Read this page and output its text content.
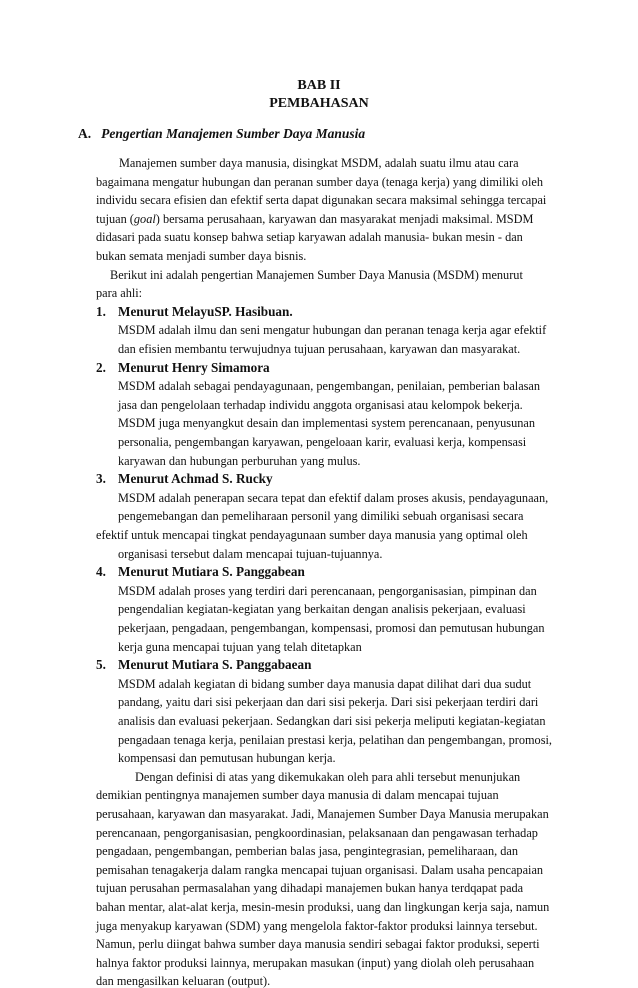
BAB II
PEMBAHASAN
A. Pengertian Manajemen Sumber Daya Manusia
Manajemen sumber daya manusia, disingkat MSDM, adalah suatu ilmu atau cara
bagaimana mengatur hubungan dan peranan sumber daya (tenaga kerja) yang dimiliki oleh
individu secara efisien dan efektif serta dapat digunakan secara maksimal sehingga tercapai
tujuan (goal) bersama perusahaan, karyawan dan masyarakat menjadi maksimal. MSDM
didasari pada suatu konsep bahwa setiap karyawan adalah manusia- bukan mesin - dan
bukan semata menjadi sumber daya bisnis.
Berikut ini adalah pengertian Manajemen Sumber Daya Manusia (MSDM) menurut
para ahli:
1. Menurut MelayuSP. Hasibuan.
MSDM adalah ilmu dan seni mengatur hubungan dan peranan tenaga kerja agar efektif
dan efisien membantu terwujudnya tujuan perusahaan, karyawan dan masyarakat.
2. Menurut Henry Simamora
MSDM adalah sebagai pendayagunaan, pengembangan, penilaian, pemberian balasan
jasa dan pengelolaan terhadap individu anggota organisasi atau kelompok bekerja.
MSDM juga menyangkut desain dan implementasi system perencanaan, penyusunan
personalia, pengembangan karyawan, pengeloaan karir, evaluasi kerja, kompensasi
karyawan dan hubungan perburuhan yang mulus.
3. Menurut Achmad S. Rucky
MSDM adalah penerapan secara tepat dan efektif dalam proses akusis, pendayagunaan,
pengemebangan dan pemeliharaan personil yang dimiliki sebuah organisasi secara
efektif untuk mencapai tingkat pendayagunaan sumber daya manusia yang optimal oleh
organisasi tersebut dalam mencapai tujuan-tujuannya.
4. Menurut Mutiara S. Panggabean
MSDM adalah proses yang terdiri dari perencanaan, pengorganisasian, pimpinan dan
pengendalian kegiatan-kegiatan yang berkaitan dengan analisis pekerjaan, evaluasi
pekerjaan, pengadaan, pengembangan, kompensasi, promosi dan pemutusan hubungan
kerja guna mencapai tujuan yang telah ditetapkan
5. Menurut Mutiara S. Panggabaean
MSDM adalah kegiatan di bidang sumber daya manusia dapat dilihat dari dua sudut
pandang, yaitu dari sisi pekerjaan dan dari sisi pekerja. Dari sisi pekerjaan terdiri dari
analisis dan evaluasi pekerjaan. Sedangkan dari sisi pekerja meliputi kegiatan-kegiatan
pengadaan tenaga kerja, penilaian prestasi kerja, pelatihan dan pengembangan, promosi,
kompensasi dan pemutusan hubungan kerja.
Dengan definisi di atas yang dikemukakan oleh para ahli tersebut menunjukan
demikian pentingnya manajemen sumber daya manusia di dalam mencapai tujuan
perusahaan, karyawan dan masyarakat. Jadi, Manajemen Sumber Daya Manusia merupakan
perencanaan, pengorganisasian, pengkoordinasian, pelaksanaan dan pengawasan terhadap
pengadaan, pengembangan, pemberian balas jasa, pengintegrasian, pemeliharaan, dan
pemisahan tenagakerja dalam rangka mencapai tujuan organisasi. Dalam usaha pencapaian
tujuan perusahan permasalahan yang dihadapi manajemen bukan hanya terdqapat pada
bahan mentar, alat-alat kerja, mesin-mesin produksi, uang dan lingkungan kerja saja, namun
juga menyakup karyawan (SDM) yang mengelola faktor-faktor produksi lainnya tersebut.
Namun, perlu diingat bahwa sumber daya manusia sendiri sebagai faktor produksi, seperti
halnya faktor produksi lainnya, merupakan masukan (input) yang diolah oleh perusahaan
dan mengasilkan keluaran (output).
